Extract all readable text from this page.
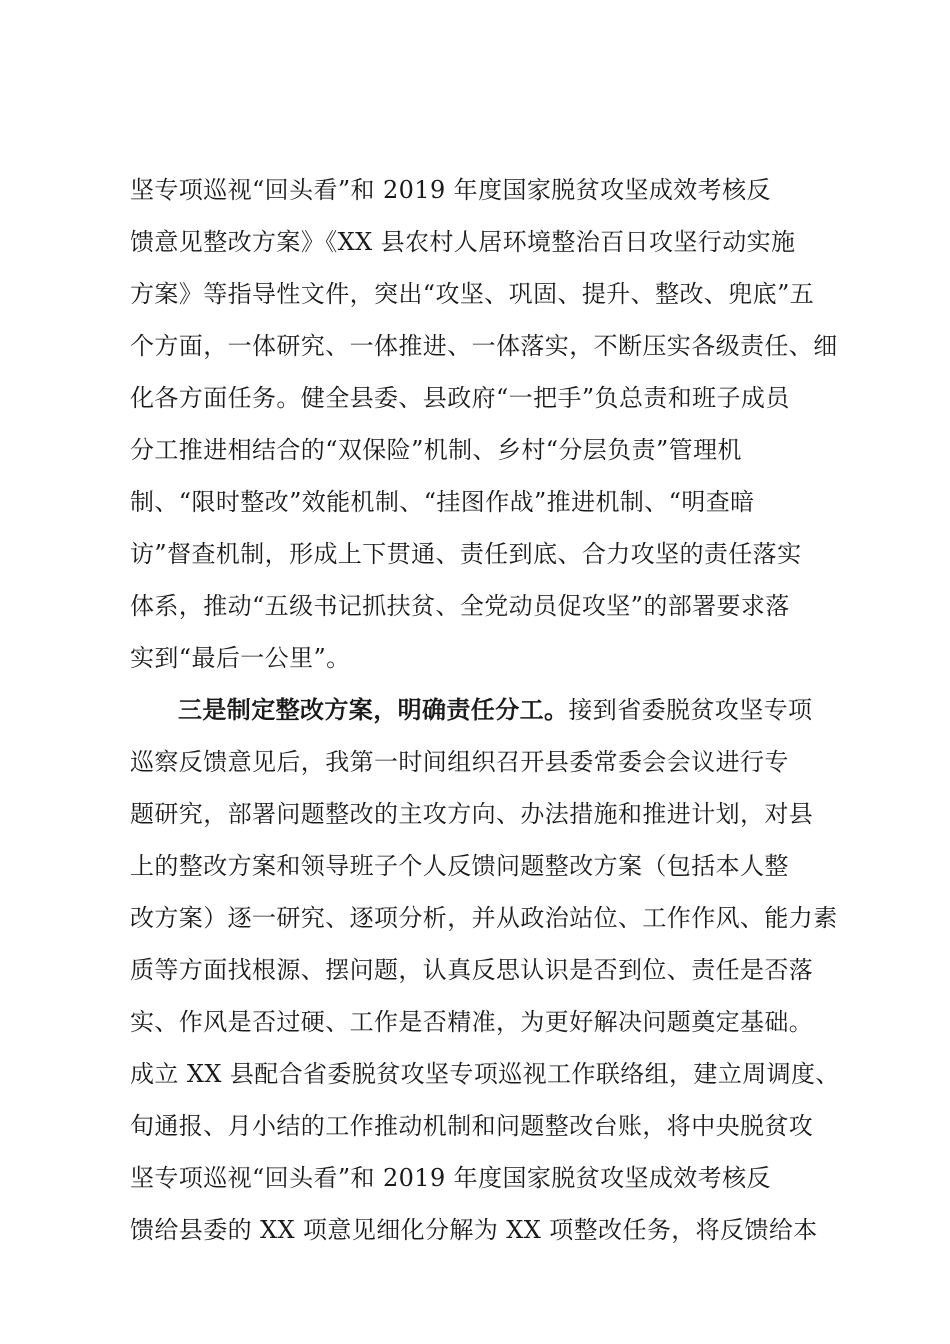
坚专项巡视“回头看”和 2019 年度国家脱贫攻坚成效考核反
馈意见整改方案》《XX 县农村人居环境整治百日攻坚行动实施
方案》等指导性文件，突出“攻坚、巩固、提升、整改、兜底”五
个方面，一体研究、一体推进、一体落实，不断压实各级责任、细
化各方面任务。健全县委、县政府“一把手”负总责和班子成员
分工推进相结合的“双保险”机制、乡村“分层负责”管理机
制、“限时整改”效能机制、“挂图作战”推进机制、“明查暗
访”督查机制，形成上下贯通、责任到底、合力攻坚的责任落实
体系，推动“五级书记抓扶贫、全党动员促攻坚”的部署要求落
实到“最后一公里”。
三是制定整改方案，明确责任分工。接到省委脱贫攻坚专项
巡察反馈意见后，我第一时间组织召开县委常委会会议进行专
题研究，部署问题整改的主攻方向、办法措施和推进计划，对县
上的整改方案和领导班子个人反馈问题整改方案（包括本人整
改方案）逐一研究、逐项分析，并从政治站位、工作作风、能力素
质等方面找根源、摆问题，认真反思认识是否到位、责任是否落
实、作风是否过硬、工作是否精准，为更好解决问题奠定基础。
成立 XX 县配合省委脱贫攻坚专项巡视工作联络组，建立周调度、
旬通报、月小结的工作推动机制和问题整改台账，将中央脱贫攻
坚专项巡视“回头看”和 2019 年度国家脱贫攻坚成效考核反
馈给县委的 XX 项意见细化分解为 XX 项整改任务，将反馈给本
